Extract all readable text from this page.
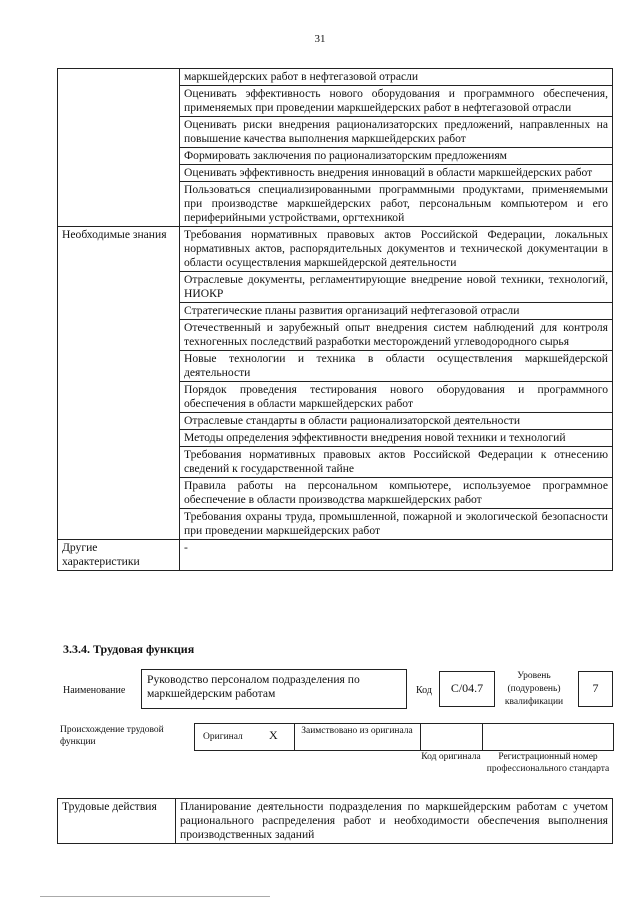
31
	маркшейдерских работ в нефтегазовой отрасли
	Оценивать эффективность нового оборудования и программного обеспечения, применяемых при проведении маркшейдерских работ в нефтегазовой отрасли
	Оценивать риски внедрения рационализаторских предложений, направленных на повышение качества выполнения маркшейдерских работ
	Формировать заключения по рационализаторским предложениям
	Оценивать эффективность внедрения инноваций в области маркшейдерских работ
	Пользоваться специализированными программными продуктами, применяемыми при производстве маркшейдерских работ, персональным компьютером и его периферийными устройствами, оргтехникой
Необходимые знания	Требования нормативных правовых актов Российской Федерации, локальных нормативных актов, распорядительных документов и технической документации в области осуществления маркшейдерской деятельности
	Отраслевые документы, регламентирующие внедрение новой техники, технологий, НИОКР
	Стратегические планы развития организаций нефтегазовой отрасли
	Отечественный и зарубежный опыт внедрения систем наблюдений для контроля техногенных последствий разработки месторождений углеводородного сырья
	Новые технологии и техника в области осуществления маркшейдерской деятельности
	Порядок проведения тестирования нового оборудования и программного обеспечения в области маркшейдерских работ
	Отраслевые стандарты в области рационализаторской деятельности
	Методы определения эффективности внедрения новой техники и технологий
	Требования нормативных правовых актов Российской Федерации к отнесению сведений к государственной тайне
	Правила работы на персональном компьютере, используемое программное обеспечение в области производства маркшейдерских работ
	Требования охраны труда, промышленной, пожарной и экологической безопасности при проведении маркшейдерских работ
Другие характеристики	-
3.3.4. Трудовая функция
Наименование
Руководство персоналом подразделения по маркшейдерским работам	Код	C/04.7
Уровень (подуровень) квалификации
7
Происхождение трудовой функции	Оригинал X	Заимствовано из оригинала
Код оригинала	Регистрационный номер профессионального стандарта
Трудовые действия	Планирование деятельности подразделения по маркшейдерским работам с учетом рационального распределения работ и необходимости обеспечения выполнения производственных заданий
